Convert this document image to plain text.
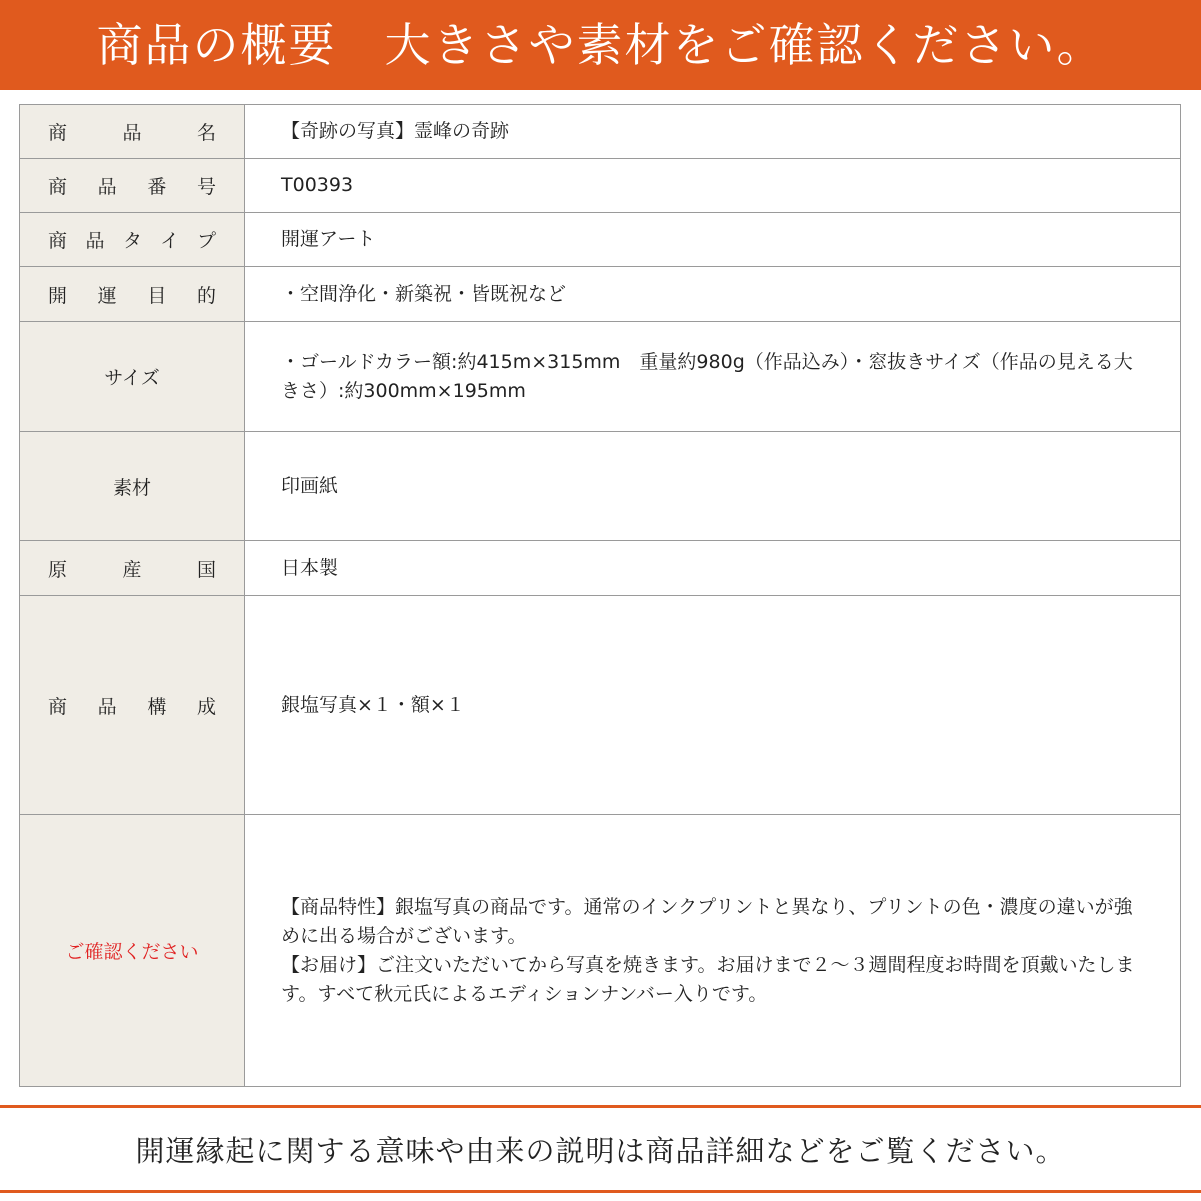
商品の概要　大きさや素材をご確認ください。
商　品　名	【奇跡の写真】霊峰の奇跡

商品番号	T00393

商品タイプ	開運アート

開運目的	・空間浄化・新築祝・皆既祝など

サイズ	・ゴールドカラー額:約415m×315mm　重量約980g（作品込み）・窓抜きサイズ（作品の見える大きさ）:約300mm×195mm

素材	印画紙

原　産　国	日本製

商品構成	銀塩写真×１・額×１

ご確認ください	【商品特性】銀塩写真の商品です。通常のインクプリントと異なり、プリントの色・濃度の違いが強めに出る場合がございます。
【お届け】ご注文いただいてから写真を焼きます。お届けまで２〜３週間程度お時間を頂戴いたします。すべて秋元氏によるエディションナンバー入りです。
開運縁起に関する意味や由来の説明は商品詳細などをご覧ください。
